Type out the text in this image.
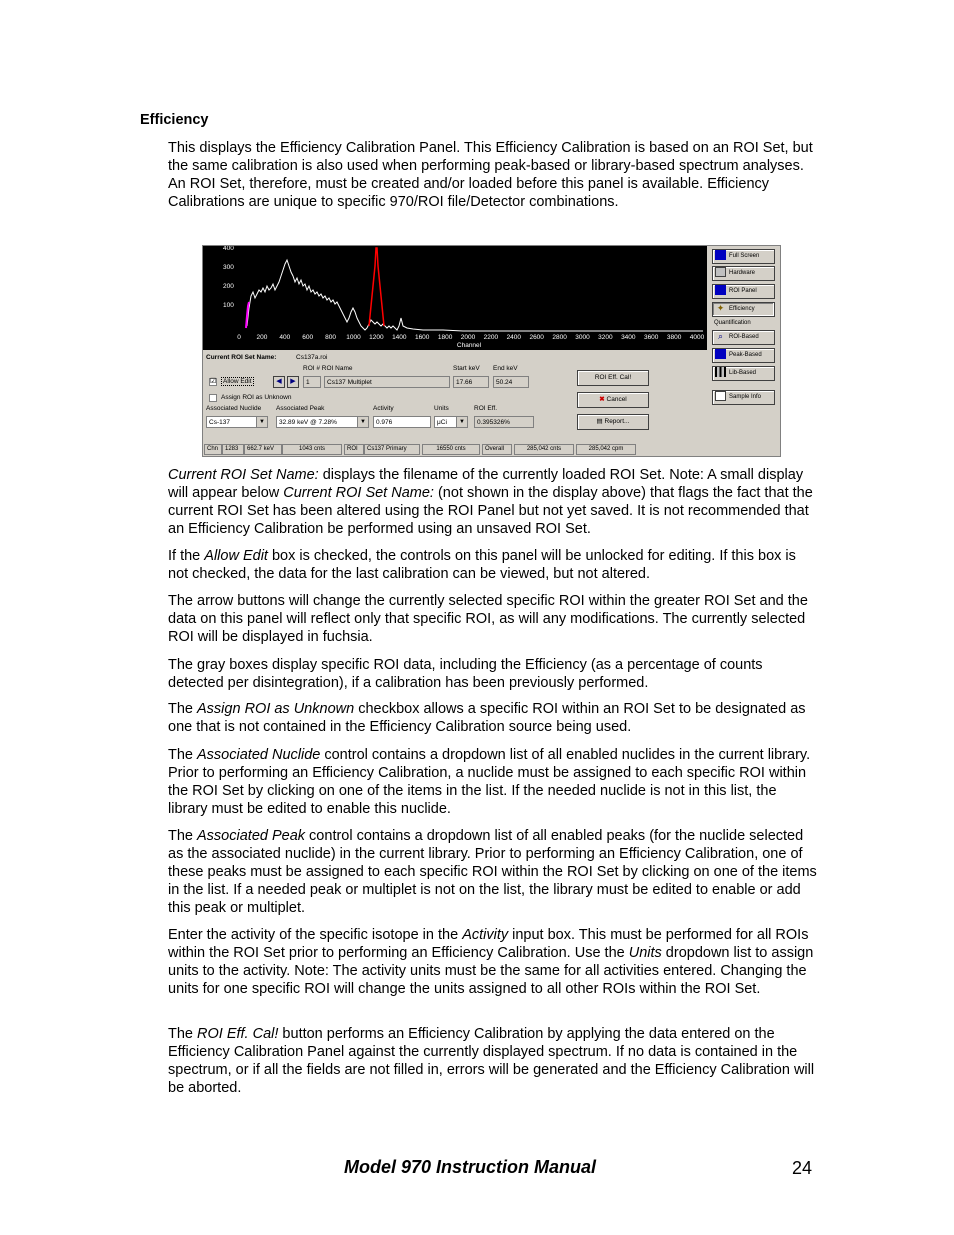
Efficiency

This displays the Efficiency Calibration Panel. This Efficiency Calibration is based on an ROI Set, but the same calibration is also used when performing peak-based or library-based spectrum analyses. An ROI Set, therefore, must be created and/or loaded before this panel is available. Efficiency Calibrations are unique to specific 970/ROI file/Detector combinations.

400
300
200
100
0 200 400 600 800 1000 1200 1400 1600 1800 2000 2200 2400 2600 2800 3000 3200 3400 3600 3800 4000
Channel
Current ROI Set Name:	Cs137a.roi
ROI # ROI Name	Start keV End keV
☑	Allow Edit	◀	▶	1	Cs137 Multiplet	17.66	50.24
Assign ROI as Unknown
Associated Nuclide Associated Peak	Activity	Units	ROI Eff.
Cs-137	▼	32.89 keV @ 7.28%	▼	0.976	μCi	▼	0.395326%
ROI Eff. Cal!
✖ Cancel
▤ Report...
Full Screen
Hardware
ROI Panel
✦ Efficiency
Quantification
⌕ ROI-Based
Peak-Based
Lib-Based
Sample Info
Chn	1283	662.7 keV	1043 cnts	ROI	Cs137 Primary	16550 cnts	Overall	285,042 cnts	285,042 cpm

Current ROI Set Name: displays the filename of the currently loaded ROI Set. Note: A small display will appear below Current ROI Set Name: (not shown in the display above) that flags the fact that the current ROI Set has been altered using the ROI Panel but not yet saved. It is not recommended that an Efficiency Calibration be performed using an unsaved ROI Set.

If the Allow Edit box is checked, the controls on this panel will be unlocked for editing. If this box is not checked, the data for the last calibration can be viewed, but not altered.

The arrow buttons will change the currently selected specific ROI within the greater ROI Set and the data on this panel will reflect only that specific ROI, as will any modifications. The currently selected ROI will be displayed in fuchsia.

The gray boxes display specific ROI data, including the Efficiency (as a percentage of counts detected per disintegration), if a calibration has been previously performed.

The Assign ROI as Unknown checkbox allows a specific ROI within an ROI Set to be designated as one that is not contained in the Efficiency Calibration source being used.

The Associated Nuclide control contains a dropdown list of all enabled nuclides in the current library. Prior to performing an Efficiency Calibration, a nuclide must be assigned to each specific ROI within the ROI Set by clicking on one of the items in the list. If the needed nuclide is not in this list, the library must be edited to enable this nuclide.

The Associated Peak control contains a dropdown list of all enabled peaks (for the nuclide selected as the associated nuclide) in the current library. Prior to performing an Efficiency Calibration, one of these peaks must be assigned to each specific ROI within the ROI Set by clicking on one of the items in the list. If a needed peak or multiplet is not on the list, the library must be edited to enable or add this peak or multiplet.

Enter the activity of the specific isotope in the Activity input box. This must be performed for all ROIs within the ROI Set prior to performing an Efficiency Calibration. Use the Units dropdown list to assign units to the activity. Note: The activity units must be the same for all activities entered. Changing the units for one specific ROI will change the units assigned to all other ROIs within the ROI Set.

The ROI Eff. Cal! button performs an Efficiency Calibration by applying the data entered on the Efficiency Calibration Panel against the currently displayed spectrum. If no data is contained in the spectrum, or if all the fields are not filled in, errors will be generated and the Efficiency Calibration will be aborted.

Model 970 Instruction Manual	24
